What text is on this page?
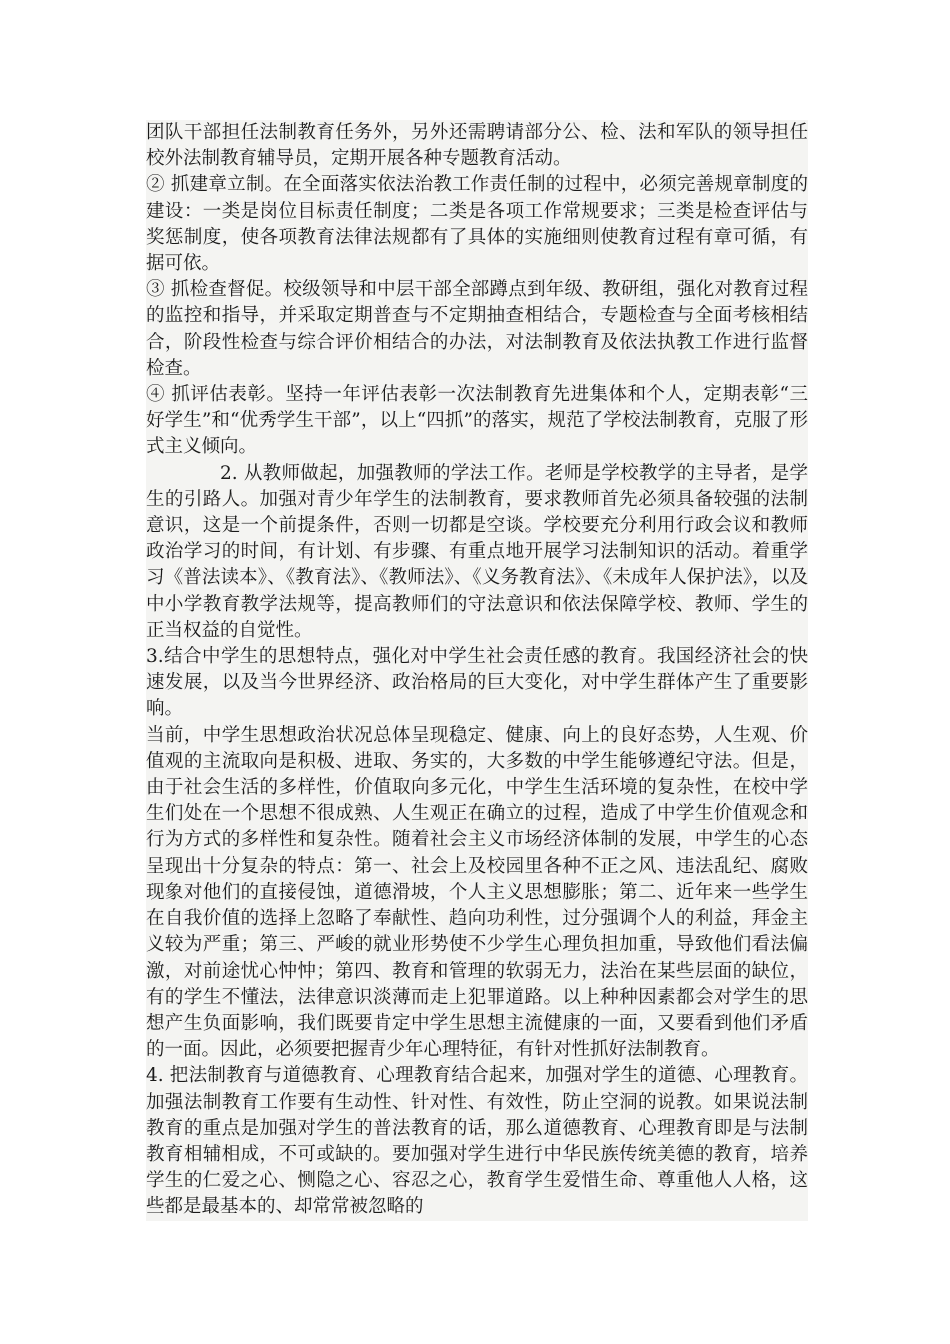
团队干部担任法制教育任务外，另外还需聘请部分公、检、法和军队的领导担任校外法制教育辅导员，定期开展各种专题教育活动。

② 抓建章立制。在全面落实依法治教工作责任制的过程中，必须完善规章制度的建设：一类是岗位目标责任制度；二类是各项工作常规要求；三类是检查评估与奖惩制度，使各项教育法律法规都有了具体的实施细则使教育过程有章可循，有据可依。

③ 抓检查督促。校级领导和中层干部全部蹲点到年级、教研组，强化对教育过程的监控和指导，并采取定期普查与不定期抽查相结合，专题检查与全面考核相结合，阶段性检查与综合评价相结合的办法，对法制教育及依法执教工作进行监督检查。

④ 抓评估表彰。坚持一年评估表彰一次法制教育先进集体和个人，定期表彰“三好学生”和“优秀学生干部”，以上“四抓”的落实，规范了学校法制教育，克服了形式主义倾向。

2. 从教师做起，加强教师的学法工作。老师是学校教学的主导者，是学生的引路人。加强对青少年学生的法制教育，要求教师首先必须具备较强的法制意识，这是一个前提条件，否则一切都是空谈。学校要充分利用行政会议和教师政治学习的时间，有计划、有步骤、有重点地开展学习法制知识的活动。着重学习《普法读本》、《教育法》、《教师法》、《义务教育法》、《未成年人保护法》，以及中小学教育教学法规等，提高教师们的守法意识和依法保障学校、教师、学生的正当权益的自觉性。

3.结合中学生的思想特点，强化对中学生社会责任感的教育。我国经济社会的快速发展，以及当今世界经济、政治格局的巨大变化，对中学生群体产生了重要影响。

当前，中学生思想政治状况总体呈现稳定、健康、向上的良好态势，人生观、价值观的主流取向是积极、进取、务实的，大多数的中学生能够遵纪守法。但是，由于社会生活的多样性，价值取向多元化，中学生生活环境的复杂性，在校中学生们处在一个思想不很成熟、人生观正在确立的过程，造成了中学生价值观念和行为方式的多样性和复杂性。随着社会主义市场经济体制的发展，中学生的心态呈现出十分复杂的特点：第一、社会上及校园里各种不正之风、违法乱纪、腐败现象对他们的直接侵蚀，道德滑坡，个人主义思想膨胀；第二、近年来一些学生在自我价值的选择上忽略了奉献性、趋向功利性，过分强调个人的利益，拜金主义较为严重；第三、严峻的就业形势使不少学生心理负担加重，导致他们看法偏激，对前途忧心忡忡；第四、教育和管理的软弱无力，法治在某些层面的缺位，有的学生不懂法，法律意识淡薄而走上犯罪道路。以上种种因素都会对学生的思想产生负面影响，我们既要肯定中学生思想主流健康的一面，又要看到他们矛盾的一面。因此，必须要把握青少年心理特征，有针对性抓好法制教育。

4. 把法制教育与道德教育、心理教育结合起来，加强对学生的道德、心理教育。加强法制教育工作要有生动性、针对性、有效性，防止空洞的说教。如果说法制教育的重点是加强对学生的普法教育的话，那么道德教育、心理教育即是与法制教育相辅相成，不可或缺的。要加强对学生进行中华民族传统美德的教育，培养学生的仁爱之心、恻隐之心、容忍之心，教育学生爱惜生命、尊重他人人格，这些都是最基本的、却常常被忽略的
